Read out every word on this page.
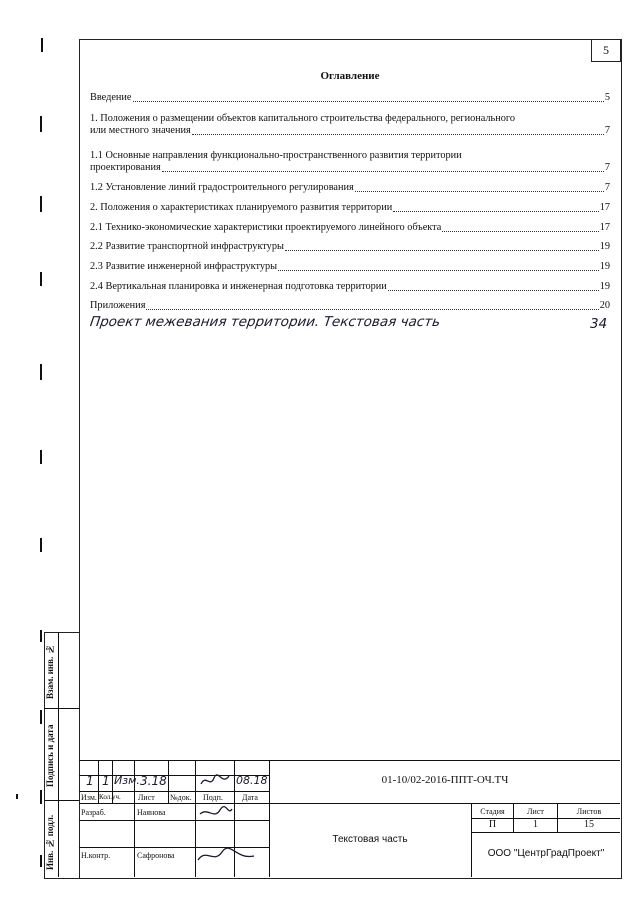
5
Оглавление
Введение	5
1. Положения о размещении объектов капитального строительства федерального, регионального
или местного значения	7
1.1 Основные направления функционально-пространственного развития территории
проектирования	7
1.2 Установление линий градостроительного регулирования	7
2. Положения о характеристиках планируемого развития территории	17
2.1 Технико-экономические характеристики проектируемого линейного объекта	17
2.2 Развитие транспортной инфраструктуры	19
2.3 Развитие инженерной инфраструктуры	19
2.4 Вертикальная планировка и инженерная подготовка территории	19
Приложения	20
Проект межевания территории. Текстовая часть	34
Взам. инв. №
Подпись и дата
Инв. № подл.
1 1 Изм. 3.18	08.18
Изм. Кол.уч. Лист №док. Подп. Дата
01-10/02-2016-ППТ-ОЧ.ТЧ
Разраб.	Наянова
Н.контр.	Сафронова
Текстовая часть
Стадия	Лист	Листов
П	1	15
ООО "ЦентрГрадПроект"
